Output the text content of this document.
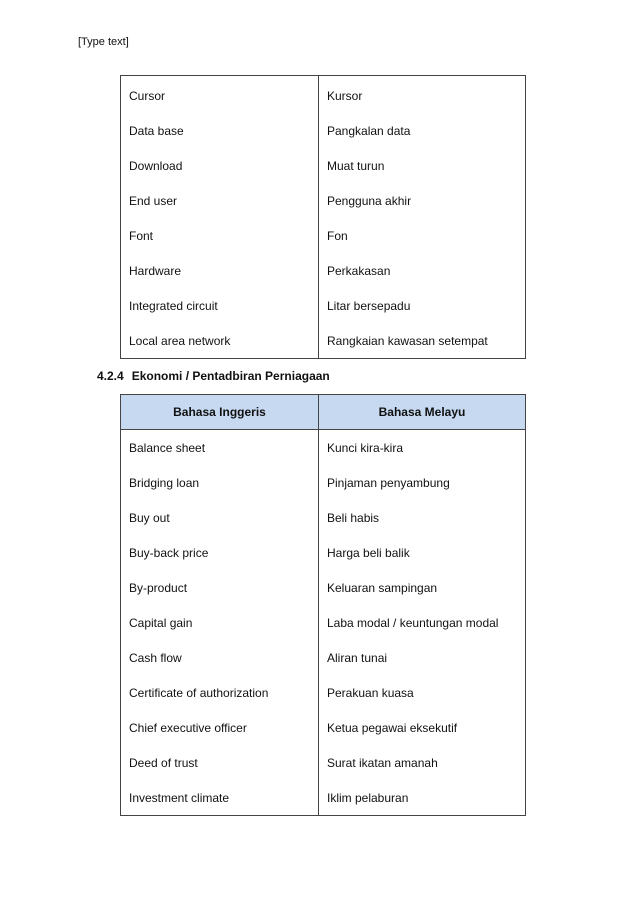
[Type text]
Cursor	Kursor
Data base	Pangkalan data
Download	Muat turun
End user	Pengguna akhir
Font	Fon
Hardware	Perkakasan
Integrated circuit	Litar bersepadu
Local area network	Rangkaian kawasan setempat
4.2.4 Ekonomi / Pentadbiran Perniagaan
Bahasa Inggeris	Bahasa Melayu
Balance sheet	Kunci kira-kira
Bridging loan	Pinjaman penyambung
Buy out	Beli habis
Buy-back price	Harga beli balik
By-product	Keluaran sampingan
Capital gain	Laba modal / keuntungan modal
Cash flow	Aliran tunai
Certificate of authorization	Perakuan kuasa
Chief executive officer	Ketua pegawai eksekutif
Deed of trust	Surat ikatan amanah
Investment climate	Iklim pelaburan
